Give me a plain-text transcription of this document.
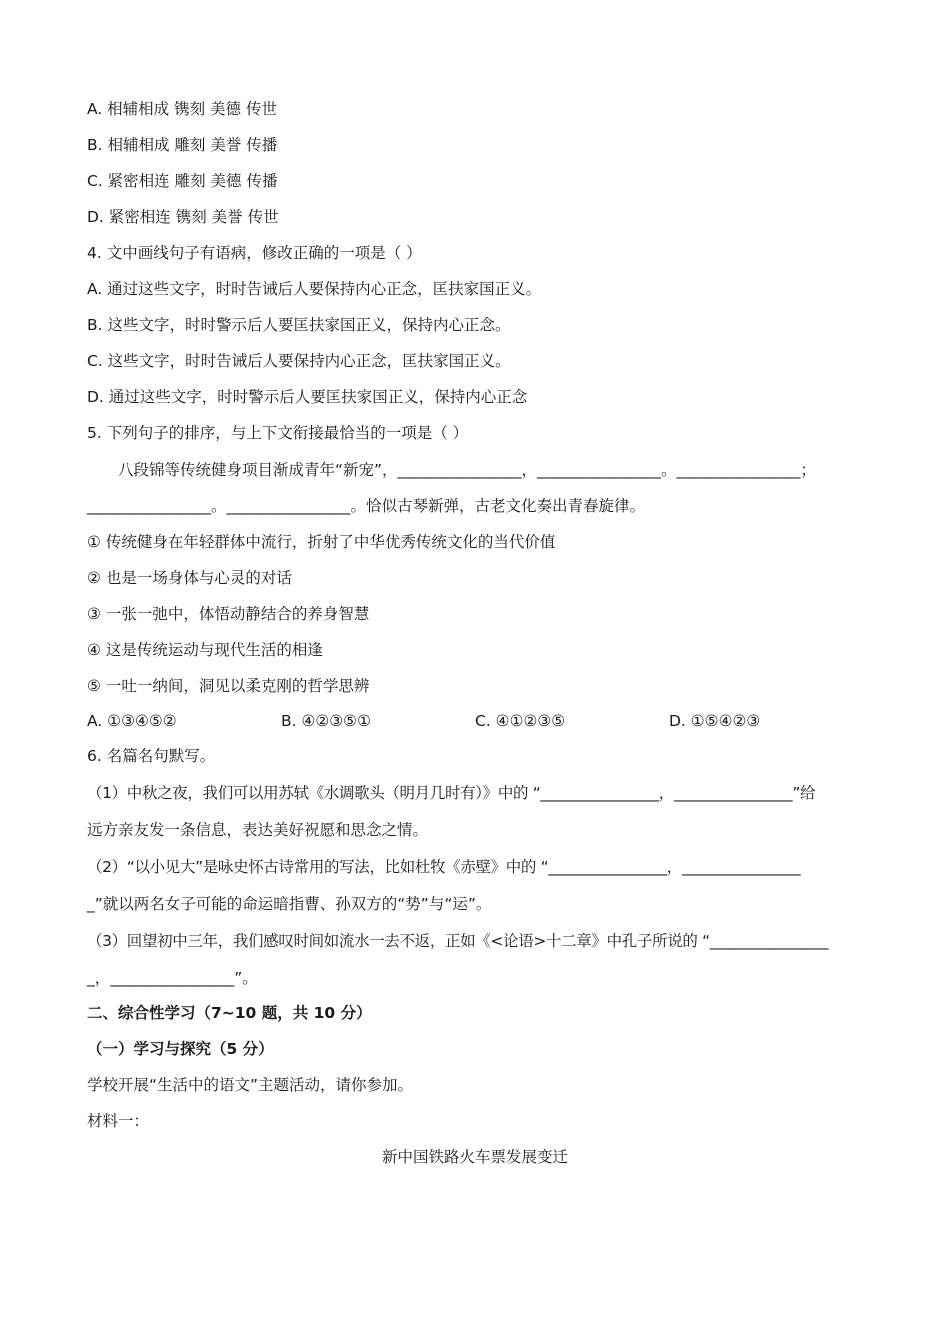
A. 相辅相成 镌刻 美德 传世
B. 相辅相成 雕刻 美誉 传播
C. 紧密相连 雕刻 美德 传播
D. 紧密相连 镌刻 美誉 传世
4. 文中画线句子有语病，修改正确的一项是（ ）
A. 通过这些文字，时时告诫后人要保持内心正念，匡扶家国正义。
B. 这些文字，时时警示后人要匡扶家国正义，保持内心正念。
C. 这些文字，时时告诫后人要保持内心正念，匡扶家国正义。
D. 通过这些文字，时时警示后人要匡扶家国正义，保持内心正念
5. 下列句子的排序，与上下文衔接最恰当的一项是（ ）
八段锦等传统健身项目渐成青年“新宠”，________________，________________。________________；
________________。________________。恰似古琴新弹，古老文化奏出青春旋律。
① 传统健身在年轻群体中流行，折射了中华优秀传统文化的当代价值
② 也是一场身体与心灵的对话
③ 一张一弛中，体悟动静结合的养身智慧
④ 这是传统运动与现代生活的相逢
⑤ 一吐一纳间，洞见以柔克刚的哲学思辨
A. ①③④⑤②	B. ④②③⑤①	C. ④①②③⑤	D. ①⑤④②③
6. 名篇名句默写。
（1）中秋之夜，我们可以用苏轼《水调歌头（明月几时有）》中的 “________________，________________”给
远方亲友发一条信息，表达美好祝愿和思念之情。
（2）“以小见大”是咏史怀古诗常用的写法，比如杜牧《赤壁》中的 “________________，________________
_”就以两名女子可能的命运暗指曹、孙双方的“势”与“运”。
（3）回望初中三年，我们感叹时间如流水一去不返，正如《<论语>十二章》中孔子所说的 “________________
_，________________”。
二、综合性学习（7~10 题，共 10 分）
（一）学习与探究（5 分）
学校开展“生活中的语文”主题活动，请你参加。
材料一：
新中国铁路火车票发展变迁
